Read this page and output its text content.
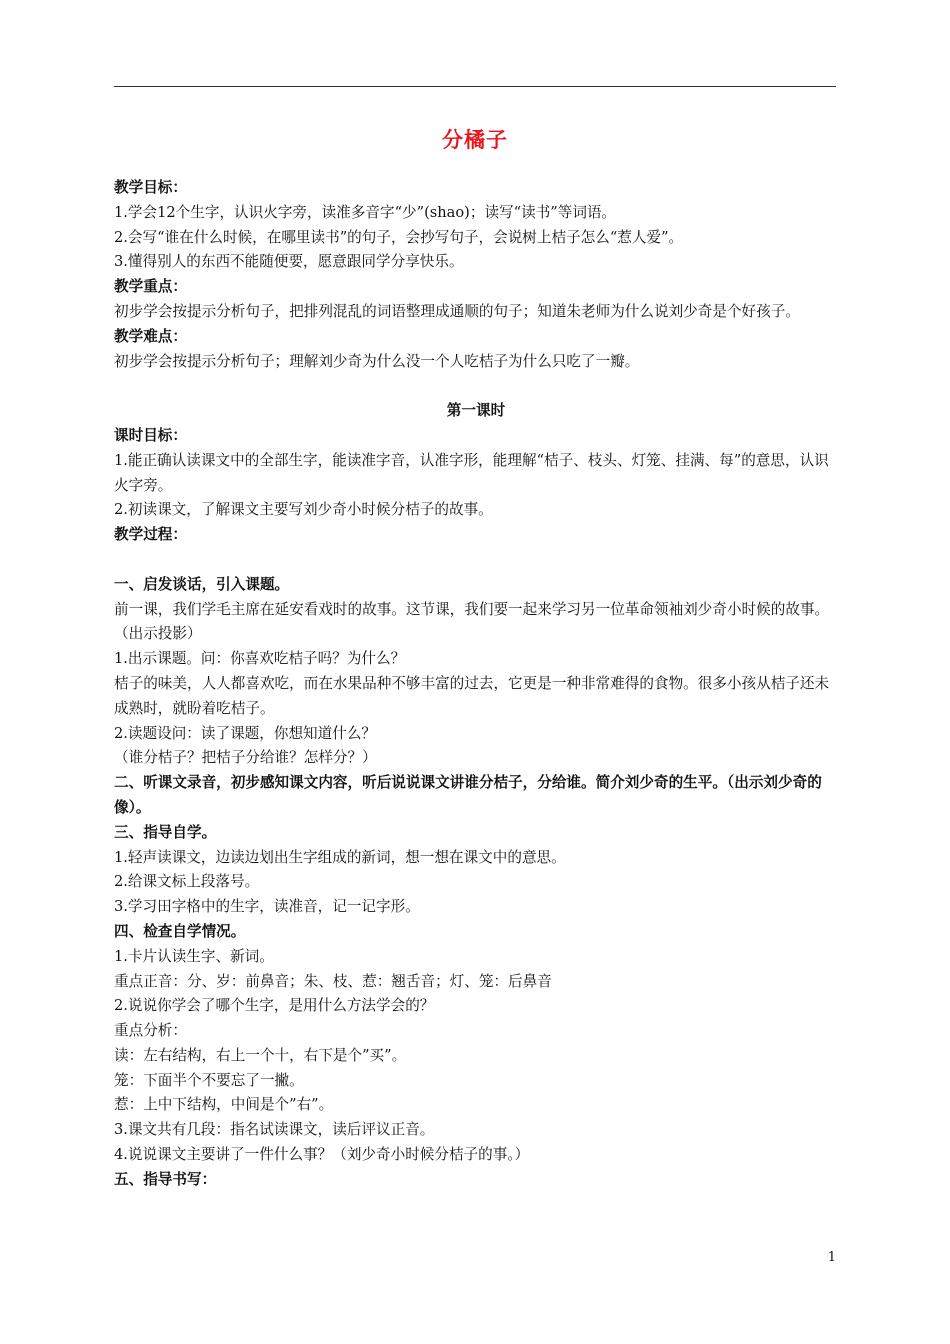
分橘子

教学目标：

1.学会12个生字，认识火字旁，读准多音字“少”(shao)；读写“读书”等词语。

2.会写“谁在什么时候，在哪里读书”的句子，会抄写句子，会说树上桔子怎么“惹人爱”。

3.懂得别人的东西不能随便要，愿意跟同学分享快乐。

教学重点：

初步学会按提示分析句子，把排列混乱的词语整理成通顺的句子；知道朱老师为什么说刘少奇是个好孩子。

教学难点：

初步学会按提示分析句子；理解刘少奇为什么没一个人吃桔子为什么只吃了一瓣。

第一课时

课时目标：

1.能正确认读课文中的全部生字，能读准字音，认准字形，能理解“桔子、枝头、灯笼、挂满、每”的意思，认识火字旁。

2.初读课文，了解课文主要写刘少奇小时候分桔子的故事。

教学过程：

一、启发谈话，引入课题。

前一课，我们学毛主席在延安看戏时的故事。这节课，我们要一起来学习另一位革命领袖刘少奇小时候的故事。（出示投影）

1.出示课题。问：你喜欢吃桔子吗？为什么？

桔子的味美，人人都喜欢吃，而在水果品种不够丰富的过去，它更是一种非常难得的食物。很多小孩从桔子还未成熟时，就盼着吃桔子。

2.读题设问：读了课题，你想知道什么？

（谁分桔子？把桔子分给谁？怎样分？）

二、听课文录音，初步感知课文内容，听后说说课文讲谁分桔子，分给谁。简介刘少奇的生平。（出示刘少奇的像）。

三、指导自学。

1.轻声读课文，边读边划出生字组成的新词，想一想在课文中的意思。

2.给课文标上段落号。

3.学习田字格中的生字，读准音，记一记字形。

四、检查自学情况。

1.卡片认读生字、新词。

重点正音：分、岁：前鼻音；朱、枝、惹：翘舌音；灯、笼：后鼻音

2.说说你学会了哪个生字，是用什么方法学会的？

重点分析：

读：左右结构，右上一个十，右下是个”买”。

笼：下面半个不要忘了一撇。

惹：上中下结构，中间是个”右”。

3.课文共有几段：指名试读课文，读后评议正音。

4.说说课文主要讲了一件什么事？（刘少奇小时候分桔子的事。）

五、指导书写：

1
